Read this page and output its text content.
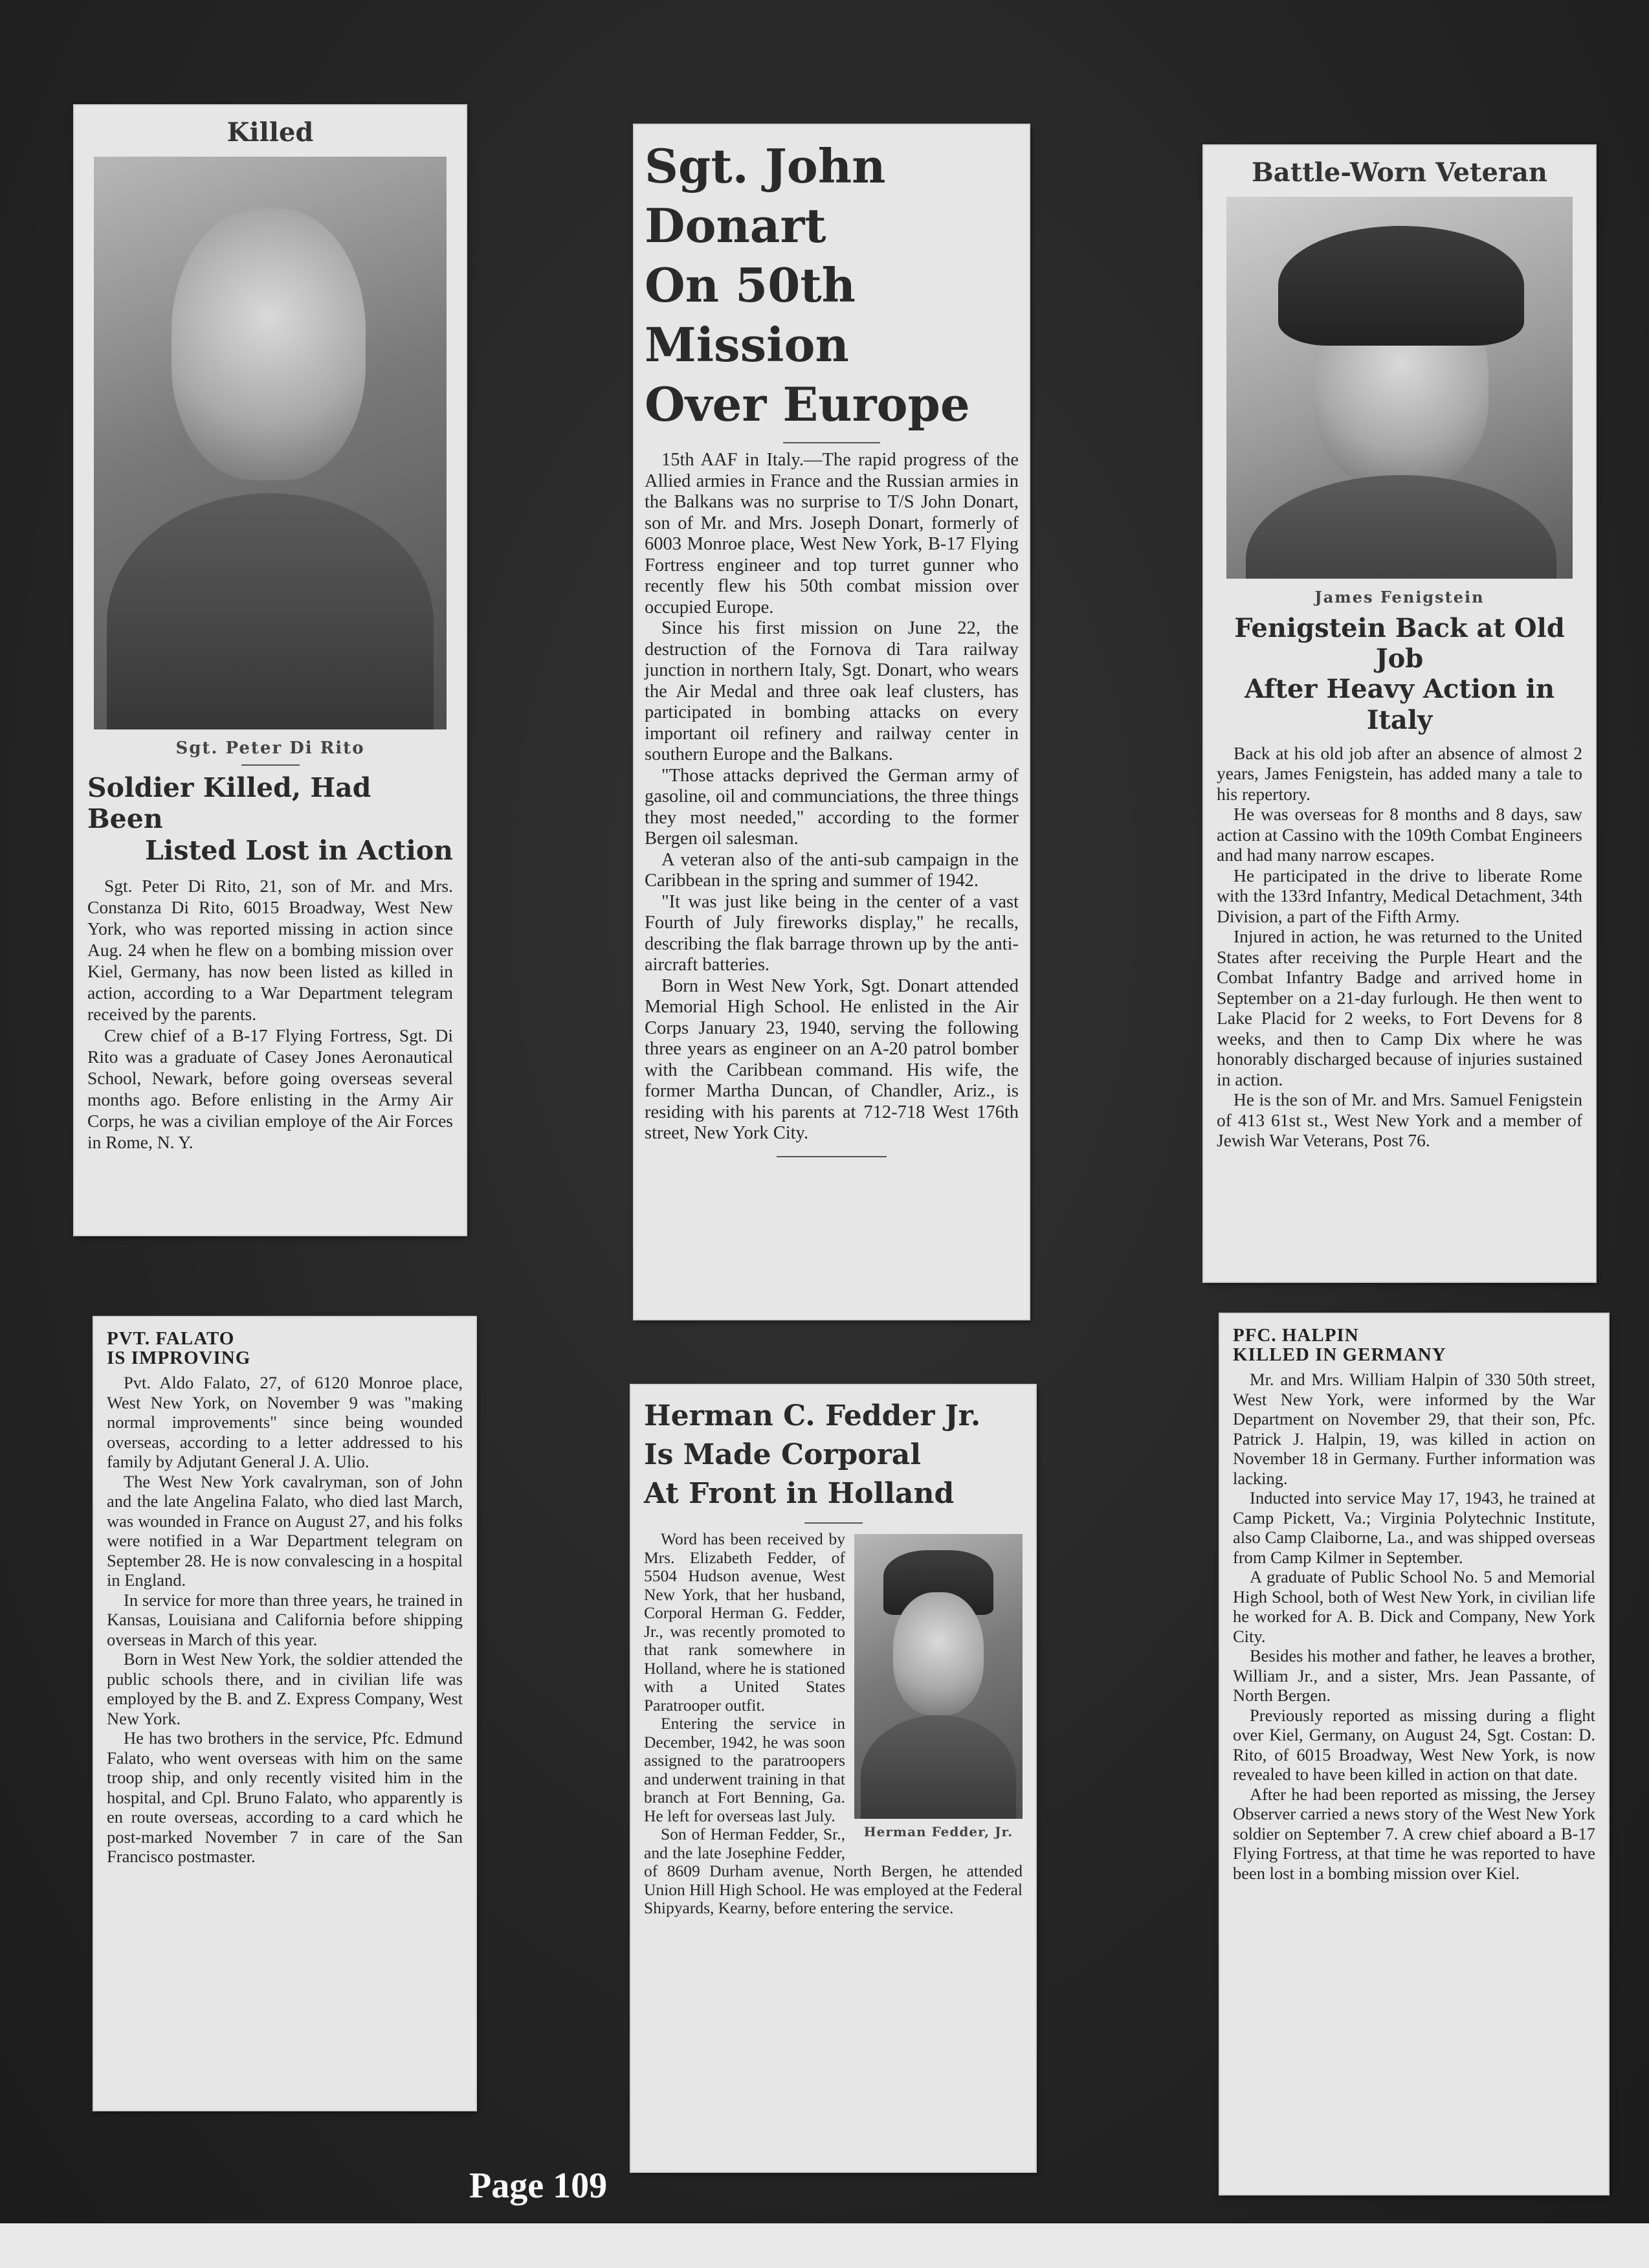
Killed
Sgt. Peter Di Rito
Soldier Killed, Had Been
Listed Lost in Action

Sgt. Peter Di Rito, 21, son of Mr. and Mrs. Constanza Di Rito, 6015 Broadway, West New York, who was reported missing in action since Aug. 24 when he flew on a bombing mission over Kiel, Germany, has now been listed as killed in action, according to a War Department telegram received by the parents.

Crew chief of a B-17 Flying Fortress, Sgt. Di Rito was a graduate of Casey Jones Aeronautical School, Newark, before going overseas several months ago. Before enlisting in the Army Air Corps, he was a civilian employe of the Air Forces in Rome, N. Y.

Sgt. John Donart
On 50th Mission
Over Europe

15th AAF in Italy.—The rapid progress of the Allied armies in France and the Russian armies in the Balkans was no surprise to T/S John Donart, son of Mr. and Mrs. Joseph Donart, formerly of 6003 Monroe place, West New York, B-17 Flying Fortress engineer and top turret gunner who recently flew his 50th combat mission over occupied Europe.

Since his first mission on June 22, the destruction of the Fornova di Tara railway junction in northern Italy, Sgt. Donart, who wears the Air Medal and three oak leaf clusters, has participated in bombing attacks on every important oil refinery and railway center in southern Europe and the Balkans.

"Those attacks deprived the German army of gasoline, oil and communciations, the three things they most needed," according to the former Bergen oil salesman.

A veteran also of the anti-sub campaign in the Caribbean in the spring and summer of 1942.

"It was just like being in the center of a vast Fourth of July fireworks display," he recalls, describing the flak barrage thrown up by the anti-aircraft batteries.

Born in West New York, Sgt. Donart attended Memorial High School. He enlisted in the Air Corps January 23, 1940, serving the following three years as engineer on an A-20 patrol bomber with the Caribbean command. His wife, the former Martha Duncan, of Chandler, Ariz., is residing with his parents at 712-718 West 176th street, New York City.

Battle-Worn Veteran
James Fenigstein
Fenigstein Back at Old Job
After Heavy Action in Italy

Back at his old job after an absence of almost 2 years, James Fenigstein, has added many a tale to his repertory.

He was overseas for 8 months and 8 days, saw action at Cassino with the 109th Combat Engineers and had many narrow escapes.

He participated in the drive to liberate Rome with the 133rd Infantry, Medical Detachment, 34th Division, a part of the Fifth Army.

Injured in action, he was returned to the United States after receiving the Purple Heart and the Combat Infantry Badge and arrived home in September on a 21-day furlough. He then went to Lake Placid for 2 weeks, to Fort Devens for 8 weeks, and then to Camp Dix where he was honorably discharged because of injuries sustained in action.

He is the son of Mr. and Mrs. Samuel Fenigstein of 413 61st st., West New York and a member of Jewish War Veterans, Post 76.

PVT. FALATO
IS IMPROVING

Pvt. Aldo Falato, 27, of 6120 Monroe place, West New York, on November 9 was "making normal improvements" since being wounded overseas, according to a letter addressed to his family by Adjutant General J. A. Ulio.

The West New York cavalryman, son of John and the late Angelina Falato, who died last March, was wounded in France on August 27, and his folks were notified in a War Department telegram on September 28. He is now convalescing in a hospital in England.

In service for more than three years, he trained in Kansas, Louisiana and California before shipping overseas in March of this year.

Born in West New York, the soldier attended the public schools there, and in civilian life was employed by the B. and Z. Express Company, West New York.

He has two brothers in the service, Pfc. Edmund Falato, who went overseas with him on the same troop ship, and only recently visited him in the hospital, and Cpl. Bruno Falato, who apparently is en route overseas, according to a card which he post-marked November 7 in care of the San Francisco postmaster.

Herman C. Fedder Jr.
Is Made Corporal
At Front in Holland
Herman Fedder, Jr.

Word has been received by Mrs. Elizabeth Fedder, of 5504 Hudson avenue, West New York, that her husband, Corporal Herman G. Fedder, Jr., was recently promoted to that rank somewhere in Holland, where he is stationed with a United States Paratrooper outfit.

Entering the service in December, 1942, he was soon assigned to the paratroopers and underwent training in that branch at Fort Benning, Ga. He left for overseas last July.

Son of Herman Fedder, Sr., and the late Josephine Fedder, of 8609 Durham avenue, North Bergen, he attended Union Hill High School. He was employed at the Federal Shipyards, Kearny, before entering the service.

PFC. HALPIN
KILLED IN GERMANY

Mr. and Mrs. William Halpin of 330 50th street, West New York, were informed by the War Department on November 29, that their son, Pfc. Patrick J. Halpin, 19, was killed in action on November 18 in Germany. Further information was lacking.

Inducted into service May 17, 1943, he trained at Camp Pickett, Va.; Virginia Polytechnic Institute, also Camp Claiborne, La., and was shipped overseas from Camp Kilmer in September.

A graduate of Public School No. 5 and Memorial High School, both of West New York, in civilian life he worked for A. B. Dick and Company, New York City.

Besides his mother and father, he leaves a brother, William Jr., and a sister, Mrs. Jean Passante, of North Bergen.

Previously reported as missing during a flight over Kiel, Germany, on August 24, Sgt. Costan: D. Rito, of 6015 Broadway, West New York, is now revealed to have been killed in action on that date.

After he had been reported as missing, the Jersey Observer carried a news story of the West New York soldier on September 7. A crew chief aboard a B-17 Flying Fortress, at that time he was reported to have been lost in a bombing mission over Kiel.

Page 109
